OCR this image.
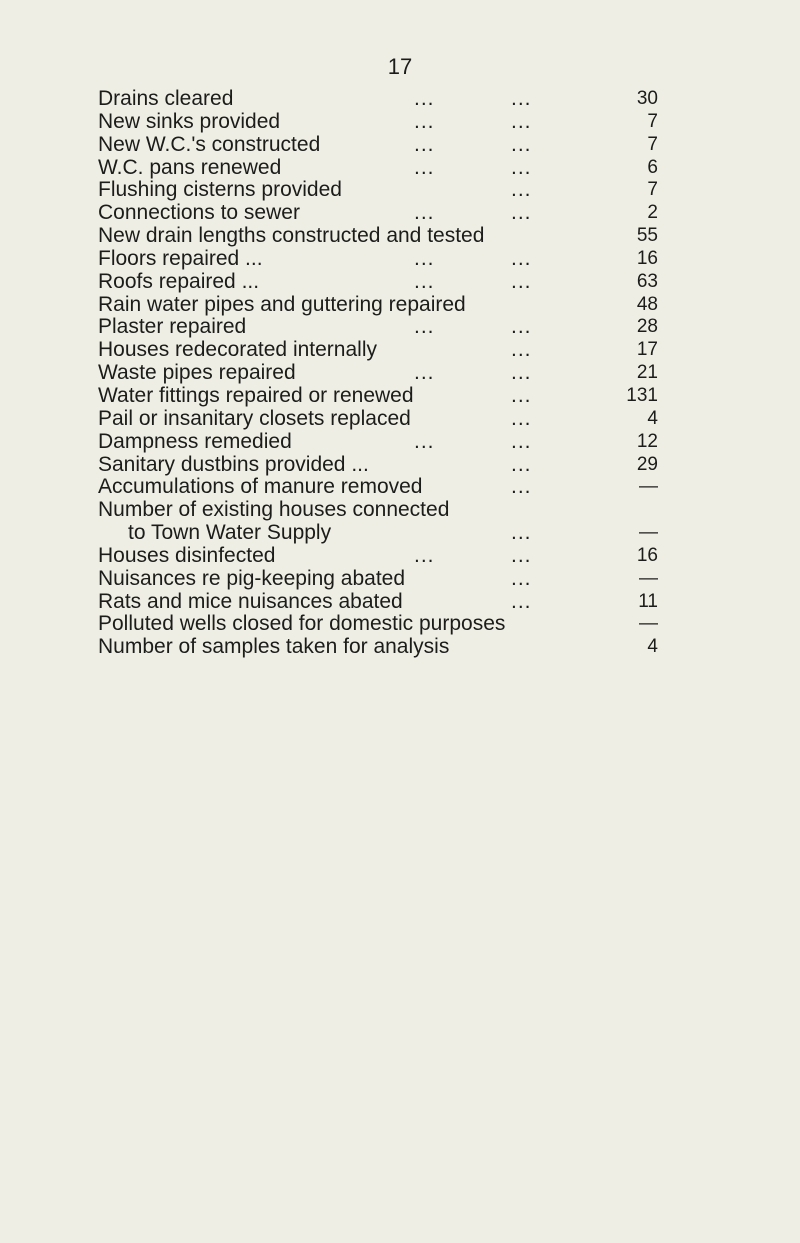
17
Drains cleared	...	...	30
New sinks provided	...	...	7
New W.C.'s constructed	...	...	7
W.C. pans renewed	...	...	6
Flushing cisterns provided	...	7
Connections to sewer	...	...	2
New drain lengths constructed and tested	55
Floors repaired ...	...	...	16
Roofs repaired ...	...	...	63
Rain water pipes and guttering repaired	48
Plaster repaired	...	...	28
Houses redecorated internally	...	17
Waste pipes repaired	...	...	21
Water fittings repaired or renewed	...	131
Pail or insanitary closets replaced	...	4
Dampness remedied	...	...	12
Sanitary dustbins provided ...	...	29
Accumulations of manure removed	...	—
Number of existing houses connected
to Town Water Supply	...	—
Houses disinfected	...	...	16
Nuisances re pig-keeping abated	...	—
Rats and mice nuisances abated	...	11
Polluted wells closed for domestic purposes	—
Number of samples taken for analysis	4
